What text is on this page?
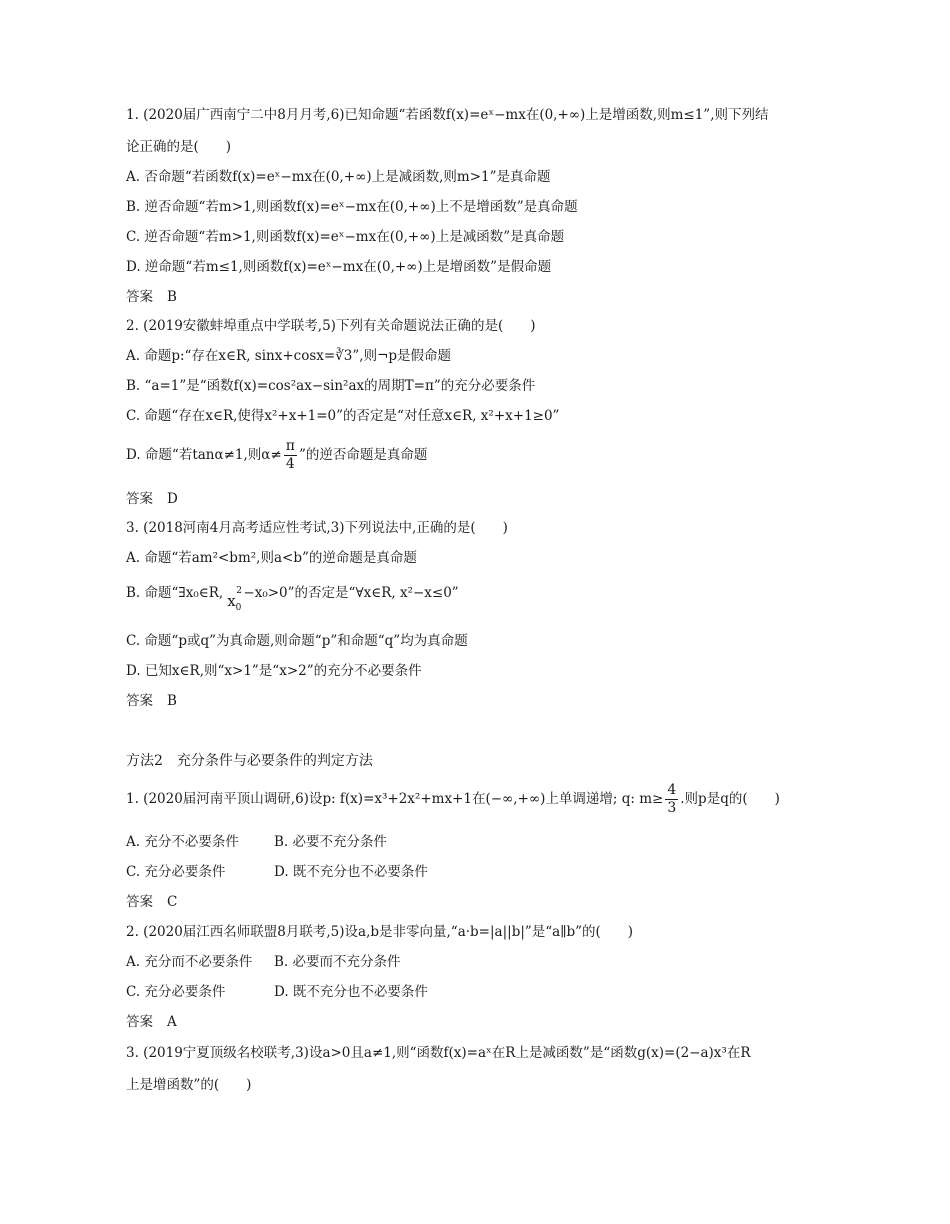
1. (2020届广西南宁二中8月月考,6)已知命题“若函数f(x)=eˣ−mx在(0,+∞)上是增函数,则m≤1”,则下列结
论正确的是(　　)
A. 否命题“若函数f(x)=eˣ−mx在(0,+∞)上是减函数,则m>1”是真命题
B. 逆否命题“若m>1,则函数f(x)=eˣ−mx在(0,+∞)上不是增函数”是真命题
C. 逆否命题“若m>1,则函数f(x)=eˣ−mx在(0,+∞)上是减函数”是真命题
D. 逆命题“若m≤1,则函数f(x)=eˣ−mx在(0,+∞)上是增函数”是假命题
答案 B
2. (2019安徽蚌埠重点中学联考,5)下列有关命题说法正确的是(　　)
A. 命题p:“存在x∈R, sinx+cosx=∛3”,则¬p是假命题
B. “a=1”是“函数f(x)=cos²ax−sin²ax的周期T=π”的充分必要条件
C. 命题“存在x∈R,使得x²+x+1=0”的否定是“对任意x∈R, x²+x+1≥0”
D. 命题“若tanα≠1,则$\alpha\ne \frac{\pi}{4}$ ”的逆否命题是真命题
答案 D
3. (2018河南4月高考适应性考试,3)下列说法中,正确的是(　　)
A. 命题“若am²<bm²,则a<b”的逆命题是真命题
B. 命题“∃x₀∈R, $x_0$
2 −x₀>0”的否定是“∀x∈R, x²−x≤0”
C. 命题“p或q”为真命题,则命题“p”和命题“q”均为真命题
D. 已知x∈R,则“x>1”是“x>2”的充分不必要条件
答案 B
方法2　充分条件与必要条件的判定方法
1. (2020届河南平顶山调研,6)设p: f(x)=x³+2x²+mx+1在(−∞,+∞)上单调递增; q: $m\ge \frac{4}{3}$ .则p是q的(　　)
A. 充分不必要条件	B. 必要不充分条件
C. 充分必要条件	D. 既不充分也不必要条件
答案 C
2. (2020届江西名师联盟8月联考,5)设a,b是非零向量,“a·b=|a||b|”是“a∥b”的(　　)
A. 充分而不必要条件 B. 必要而不充分条件
C. 充分必要条件	D. 既不充分也不必要条件
答案 A
3. (2019宁夏顶级名校联考,3)设a>0且a≠1,则“函数f(x)=aˣ在R上是减函数”是“函数g(x)=(2−a)x³在R
上是增函数”的(　　)
